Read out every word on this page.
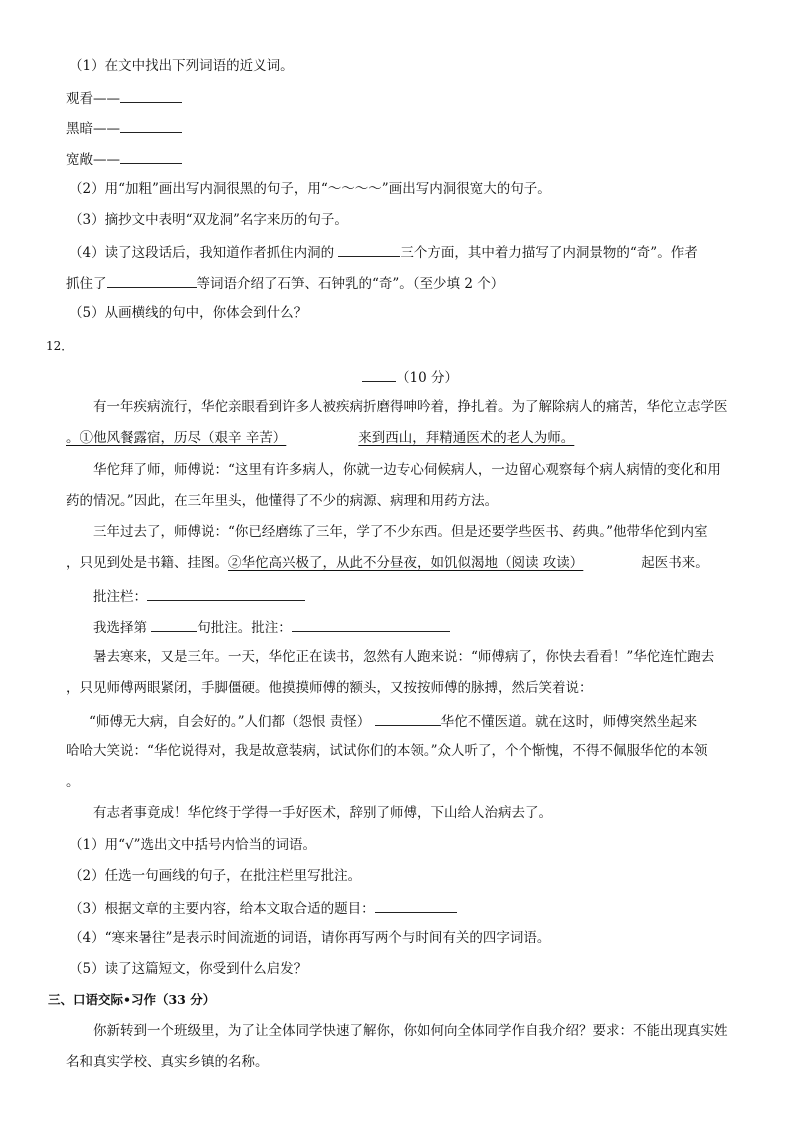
（1）在文中找出下列词语的近义词。
观看——
黑暗——
宽敞——
（2）用“加粗”画出写内洞很黑的句子，用“～～～～”画出写内洞很宽大的句子。
（3）摘抄文中表明“双龙洞”名字来历的句子。
（4）读了这段话后，我知道作者抓住内洞的	三个方面，其中着力描写了内洞景物的“奇”。作者
抓住了	等词语介绍了石笋、石钟乳的“奇”。（至少填 2 个）
（5）从画横线的句中，你体会到什么？
12．
（10 分）
有一年疾病流行，华佗亲眼看到许多人被疾病折磨得呻吟着，挣扎着。为了解除病人的痛苦，华佗立志学医
。①他风餐露宿，历尽（艰辛 辛苦）	来到西山，拜精通医术的老人为师。
华佗拜了师，师傅说：“这里有许多病人，你就一边专心伺候病人，一边留心观察每个病人病情的变化和用
药的情况。”因此，在三年里头，他懂得了不少的病源、病理和用药方法。
三年过去了，师傅说：“你已经磨练了三年，学了不少东西。但是还要学些医书、药典。”他带华佗到内室
，只见到处是书籍、挂图。②华佗高兴极了，从此不分昼夜，如饥似渴地（阅读 攻读）	起医书来。
批注栏：
我选择第	句批注。批注：
暑去寒来，又是三年。一天，华佗正在读书，忽然有人跑来说：“师傅病了，你快去看看！”华佗连忙跑去
，只见师傅两眼紧闭，手脚僵硬。他摸摸师傅的额头，又按按师傅的脉搏，然后笑着说：
“师傅无大病，自会好的。”人们都（怨恨 责怪）	华佗不懂医道。就在这时，师傅突然坐起来
哈哈大笑说：“华佗说得对，我是故意装病，试试你们的本领。”众人听了，个个惭愧，不得不佩服华佗的本领
。
有志者事竟成！华佗终于学得一手好医术，辞别了师傅，下山给人治病去了。
（1）用“√”选出文中括号内恰当的词语。
（2）任选一句画线的句子，在批注栏里写批注。
（3）根据文章的主要内容，给本文取合适的题目：
（4）“寒来暑往”是表示时间流逝的词语，请你再写两个与时间有关的四字词语。
（5）读了这篇短文，你受到什么启发？
三、口语交际•习作（33 分）
你新转到一个班级里，为了让全体同学快速了解你，你如何向全体同学作自我介绍？要求：不能出现真实姓
名和真实学校、真实乡镇的名称。
